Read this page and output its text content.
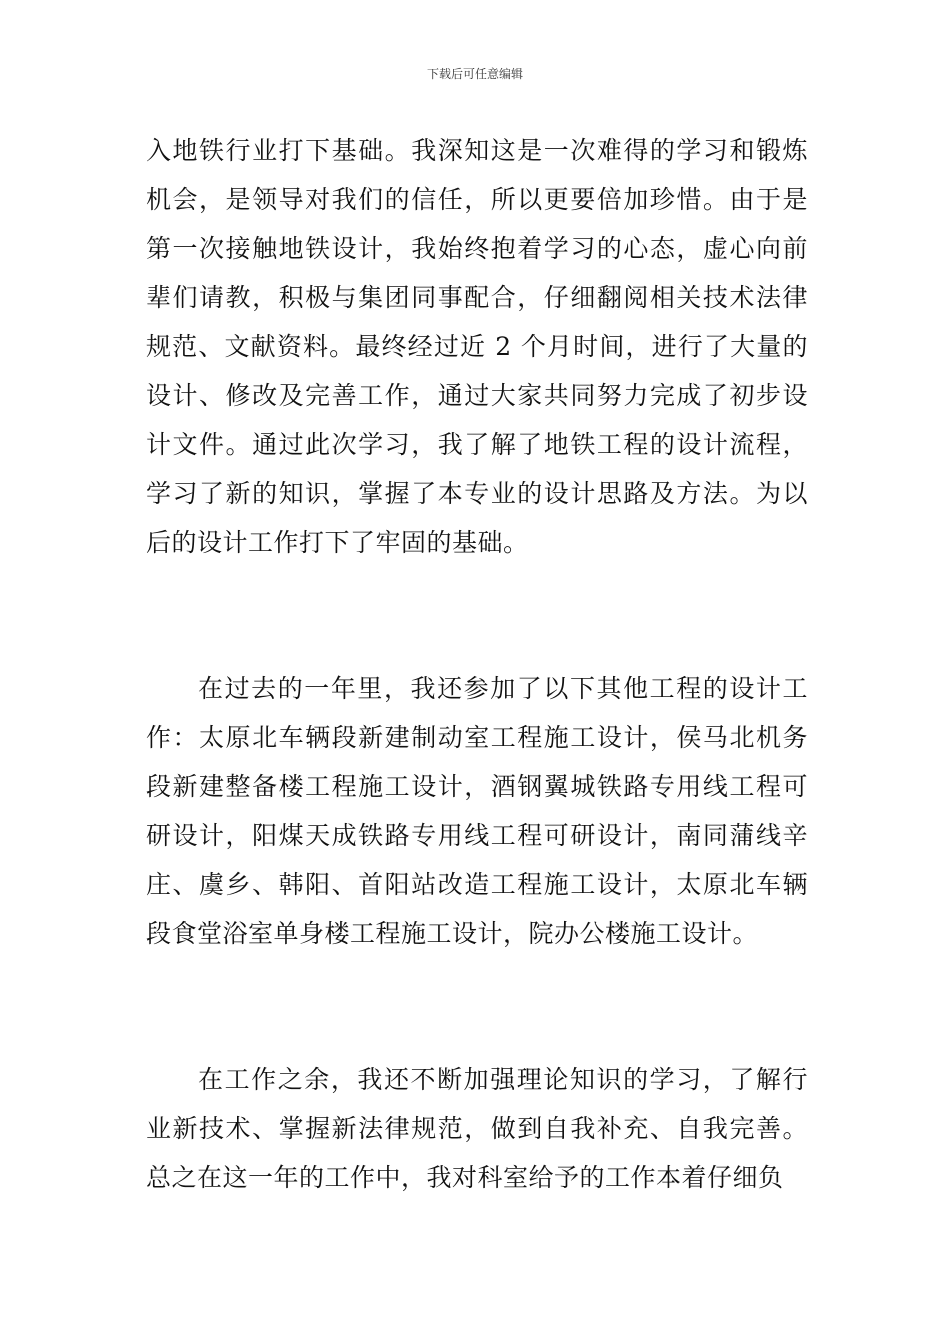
下载后可任意编辑

入地铁行业打下基础。我深知这是一次难得的学习和锻炼机会，是领导对我们的信任，所以更要倍加珍惜。由于是第一次接触地铁设计，我始终抱着学习的心态，虚心向前辈们请教，积极与集团同事配合，仔细翻阅相关技术法律规范、文献资料。最终经过近 2 个月时间，进行了大量的设计、修改及完善工作，通过大家共同努力完成了初步设计文件。通过此次学习，我了解了地铁工程的设计流程，学习了新的知识，掌握了本专业的设计思路及方法。为以后的设计工作打下了牢固的基础。

在过去的一年里，我还参加了以下其他工程的设计工作：太原北车辆段新建制动室工程施工设计，侯马北机务段新建整备楼工程施工设计，酒钢翼城铁路专用线工程可研设计，阳煤天成铁路专用线工程可研设计，南同蒲线辛庄、虞乡、韩阳、首阳站改造工程施工设计，太原北车辆段食堂浴室单身楼工程施工设计，院办公楼施工设计。

在工作之余，我还不断加强理论知识的学习，了解行业新技术、掌握新法律规范，做到自我补充、自我完善。总之在这一年的工作中，我对科室给予的工作本着仔细负
